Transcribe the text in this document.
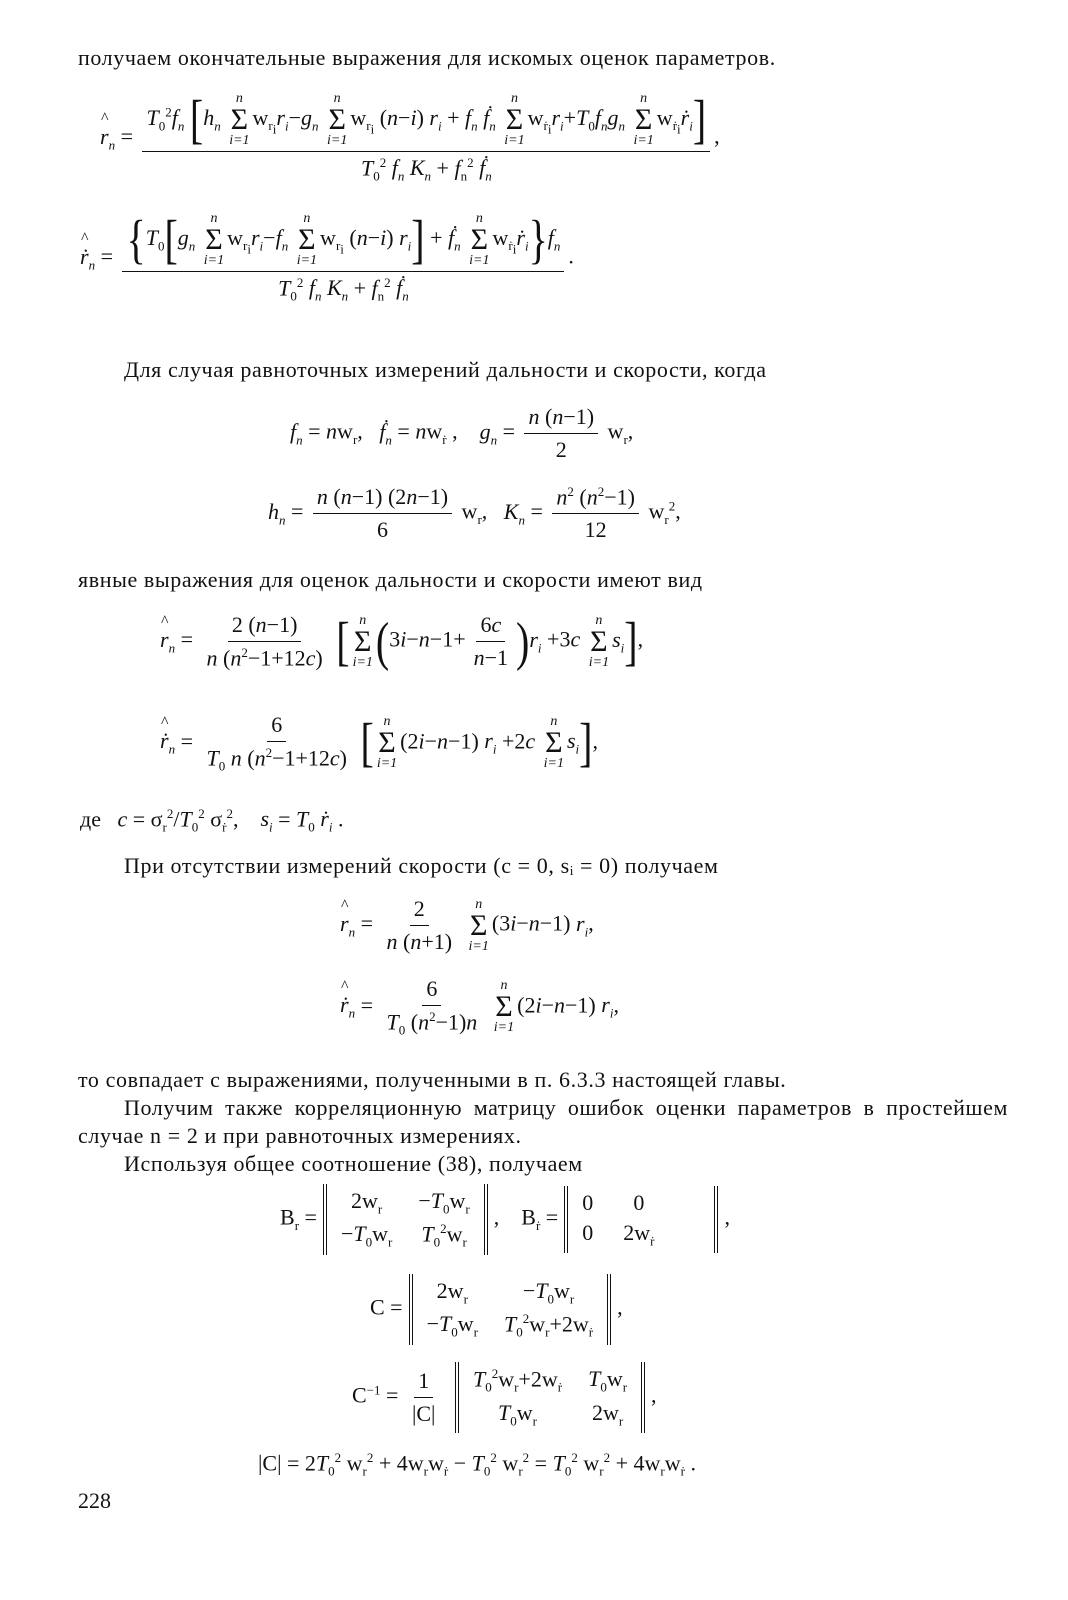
получаем окончательные выражения для искомых оценок параметров.
^ $r_n$ =
$T_0^2f_n$ [$h_n$
n
Σ
i=1
$w_{r_i}r_i-g_n$
n
Σ
i=1
$w_{r_i}$ (n−i) $r_i + f_n$ ḟ$_n$
n
Σ
i=1
$w_{ṙ_i}r_i+T_0f_ng_n$
n
Σ
i=1
$w_{ṙ_i}ṙ_i$]
$T_0^2$ $f_n$ $K_n + f_n^2$ ḟ$_n$
,
^ ṙ$_n$ = {$T_0[g_n$
n
Σ
i=1
$w_{r_i}r_i-f_n$
n
Σ
i=1
$w_{r_i}$ (n−i) $r_i$] + ḟ$_n$
n
Σ
i=1
$w_{ṙ_i}ṙ_i\}f_n$
$T_0^2$ $f_n$ $K_n + f_n^2$ ḟ$_n$
.
Для случая равноточных измерений дальности и скорости, когда
$f_n = nw_r$,   ḟ$_n$ = $nw_ṙ$ ,    $g_n = \frac{n (n-1)}{2} w_r$,
$h_n = \frac{n (n-1) (2n-1)}{6} w_r$,   $K_n = \frac{n^2 (n^2-1)}{12} w_r^2$,
явные выражения для оценок дальности и скорости имеют вид
^ $r_n = \frac{2 (n-1)}{n (n^2-1+12c)}$ [ n
Σ
i=1 $(3i-n-1+ \frac{6c}{n-1} )r_i +3c$
n
Σ
i=1
$s_i$],
^ ṙ$_n$ = $\frac{6}{T_0 n (n^2-1+12c)}$ [ n
Σ
i=1
(2i−n−1) $r_i +2c$
n
Σ
i=1
$s_i$],
де $c = \sigma_r^2/T_0^2$ $\sigma_ṙ^2$,    $s_i = T_0$ ṙ$_i$ .
При отсутствии измерений скорости (c = 0, sᵢ = 0) получаем
^ $r_n = \frac{2}{n (n+1)}$
n
Σ
i=1
(3i−n−1) $r_i$,
^ ṙ$_n$ = $\frac{6}{T_0 (n^2-1)n}$
n
Σ
i=1
(2i−n−1) $r_i$,
то совпадает с выражениями, полученными в п. 6.3.3 настоящей главы.
Получим также корреляционную матрицу ошибок оценки параметров в простейшем случае n = 2 и при равноточных измерениях.
Используя общее соотношение (38), получаем
$B_r$ =
$2w_r$	$-T_0w_r$
$-T_0w_r$ $T_0^2w_r$
,    $B_ṙ$ =
0	0
0 $2w_ṙ$
,
C =
$2w_r$	$-T_0w_r$
$-T_0w_r$ $T_0^2w_r+2w_ṙ$
,
$C^{-1} = \frac{1}{|C|}$
$T_0^2w_r+2w_ṙ$ $T_0w_r$
$T_0w_r$	$2w_r$
,
$|C| = 2T_0^2$ $w_r^2 + 4w_rw_ṙ - T_0^2$ $w_r^2 = T_0^2$ $w_r^2 + 4w_rw_ṙ$ .
228
